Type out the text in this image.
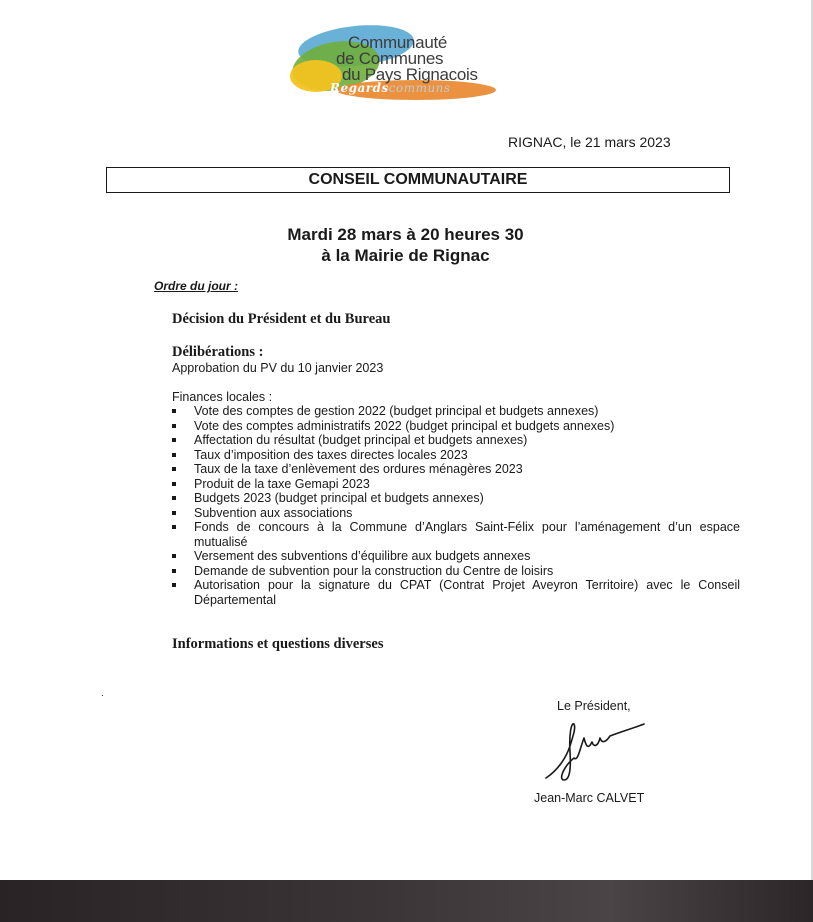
Communauté
de Communes
du Pays Rignacois
Regardscommuns
RIGNAC, le 21 mars 2023
CONSEIL COMMUNAUTAIRE
Mardi 28 mars à 20 heures 30
à la Mairie de Rignac
Ordre du jour :
Décision du Président et du Bureau
Délibérations :
Approbation du PV du 10 janvier 2023
Finances locales :
Vote des comptes de gestion 2022 (budget principal et budgets annexes)
Vote des comptes administratifs 2022 (budget principal et budgets annexes)
Affectation du résultat (budget principal et budgets annexes)
Taux d’imposition des taxes directes locales 2023
Taux de la taxe d’enlèvement des ordures ménagères 2023
Produit de la taxe Gemapi 2023
Budgets 2023 (budget principal et budgets annexes)
Subvention aux associations
Fonds de concours à la Commune d’Anglars Saint-Félix pour l’aménagement d’un espace mutualisé
Versement des subventions d’équilibre aux budgets annexes
Demande de subvention pour la construction du Centre de loisirs
Autorisation pour la signature du CPAT (Contrat Projet Aveyron Territoire) avec le Conseil Départemental
Informations et questions diverses
.
Le Président,
Jean-Marc CALVET
